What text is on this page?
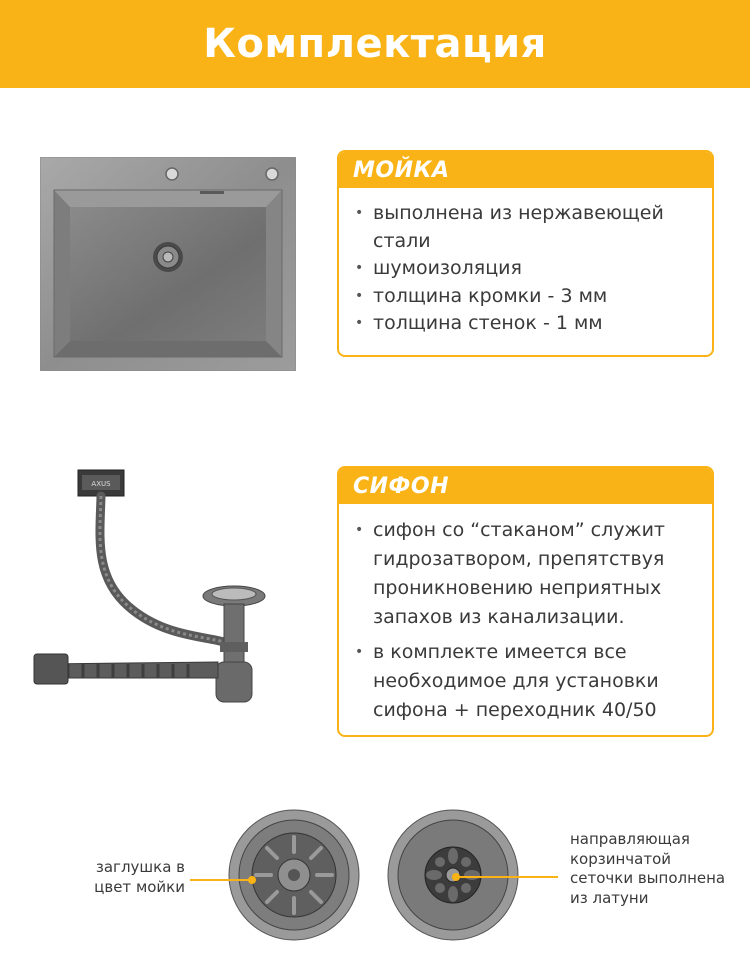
Комплектация
МОЙКА
• выполнена из нержавеющей стали
• шумоизоляция
• толщина кромки - 3 мм
• толщина стенок - 1 мм
AXUS	СИФОН
• сифон со “стаканом” служит гидрозатвором, препятствуя проникновению неприятных запахов из канализации.
• в комплекте имеется все необходимое для установки сифона + переходник 40/50
заглушка в цвет мойки
направляющая корзинчатой сеточки выполнена из латуни
